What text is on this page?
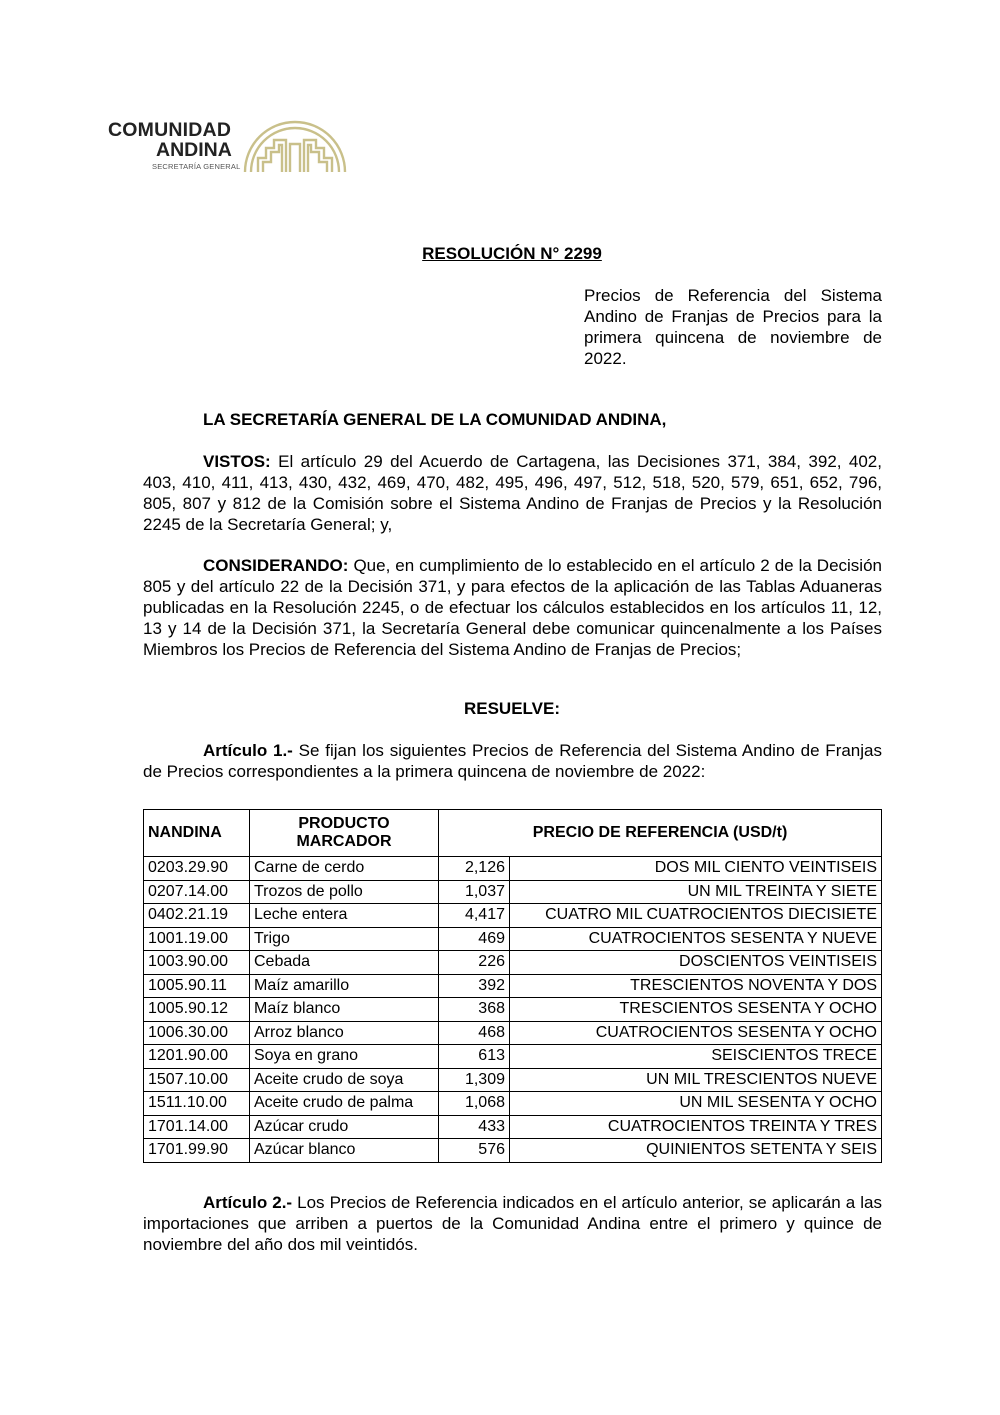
COMUNIDAD
ANDINA
SECRETARÍA GENERAL
RESOLUCIÓN N° 2299
Precios de Referencia del Sistema Andino de Franjas de Precios para la primera quincena de noviembre de 2022.
LA SECRETARÍA GENERAL DE LA COMUNIDAD ANDINA,
VISTOS: El artículo 29 del Acuerdo de Cartagena, las Decisiones 371, 384, 392, 402, 403, 410, 411, 413, 430, 432, 469, 470, 482, 495, 496, 497, 512, 518, 520, 579, 651, 652, 796, 805, 807 y 812 de la Comisión sobre el Sistema Andino de Franjas de Precios y la Resolución 2245 de la Secretaría General; y,
CONSIDERANDO: Que, en cumplimiento de lo establecido en el artículo 2 de la Decisión 805 y del artículo 22 de la Decisión 371, y para efectos de la aplicación de las Tablas Aduaneras publicadas en la Resolución 2245, o de efectuar los cálculos establecidos en los artículos 11, 12, 13 y 14 de la Decisión 371, la Secretaría General debe comunicar quincenalmente a los Países Miembros los Precios de Referencia del Sistema Andino de Franjas de Precios;
RESUELVE:
Artículo 1.- Se fijan los siguientes Precios de Referencia del Sistema Andino de Franjas de Precios correspondientes a la primera quincena de noviembre de 2022:
NANDINA	PRODUCTO MARCADOR	PRECIO DE REFERENCIA (USD/t)	
0203.29.90	Carne de cerdo	2,126	DOS MIL CIENTO VEINTISEIS
0207.14.00	Trozos de pollo	1,037	UN MIL TREINTA Y SIETE
0402.21.19	Leche entera	4,417	CUATRO MIL CUATROCIENTOS DIECISIETE
1001.19.00	Trigo	469	CUATROCIENTOS SESENTA Y NUEVE
1003.90.00	Cebada	226	DOSCIENTOS VEINTISEIS
1005.90.11	Maíz amarillo	392	TRESCIENTOS NOVENTA Y DOS
1005.90.12	Maíz blanco	368	TRESCIENTOS SESENTA Y OCHO
1006.30.00	Arroz blanco	468	CUATROCIENTOS SESENTA Y OCHO
1201.90.00	Soya en grano	613	SEISCIENTOS TRECE
1507.10.00	Aceite crudo de soya	1,309	UN MIL TRESCIENTOS NUEVE
1511.10.00	Aceite crudo de palma	1,068	UN MIL SESENTA Y OCHO
1701.14.00	Azúcar crudo	433	CUATROCIENTOS TREINTA Y TRES
1701.99.90	Azúcar blanco	576	QUINIENTOS SETENTA Y SEIS
Artículo 2.- Los Precios de Referencia indicados en el artículo anterior, se aplicarán a las importaciones que arriben a puertos de la Comunidad Andina entre el primero y quince de noviembre del año dos mil veintidós.
